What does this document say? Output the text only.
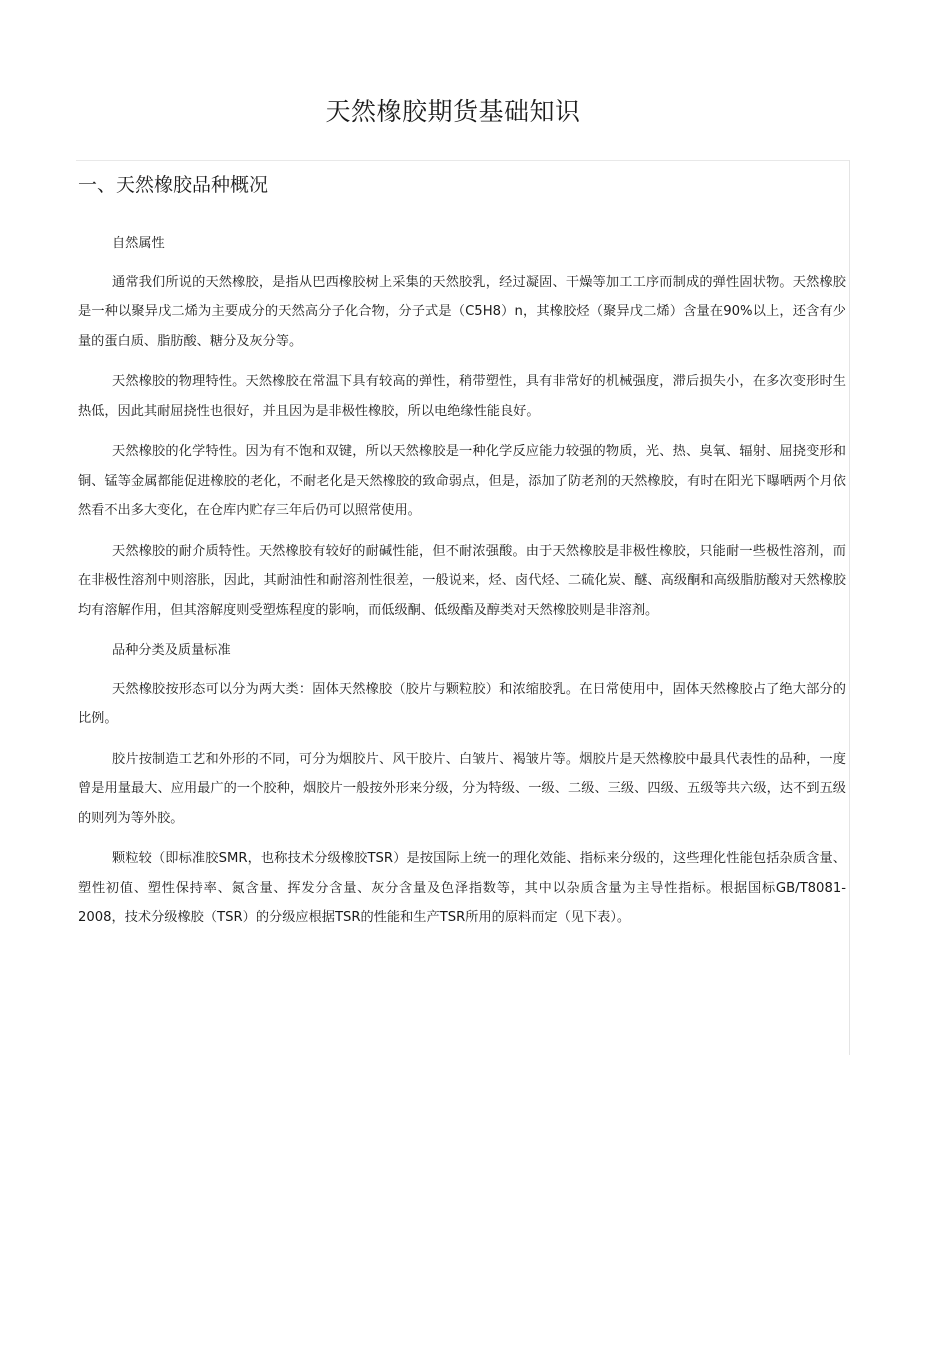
天然橡胶期货基础知识
一、天然橡胶品种概况

自然属性

通常我们所说的天然橡胶，是指从巴西橡胶树上采集的天然胶乳，经过凝固、干燥等加工工序而制成的弹性固状物。天然橡胶是一种以聚异戊二烯为主要成分的天然高分子化合物，分子式是（C5H8）n，其橡胶烃（聚异戊二烯）含量在90%以上，还含有少量的蛋白质、脂肪酸、糖分及灰分等。

天然橡胶的物理特性。天然橡胶在常温下具有较高的弹性，稍带塑性，具有非常好的机械强度，滞后损失小，在多次变形时生热低，因此其耐屈挠性也很好，并且因为是非极性橡胶，所以电绝缘性能良好。

天然橡胶的化学特性。因为有不饱和双键，所以天然橡胶是一种化学反应能力较强的物质，光、热、臭氧、辐射、屈挠变形和铜、锰等金属都能促进橡胶的老化，不耐老化是天然橡胶的致命弱点，但是，添加了防老剂的天然橡胶，有时在阳光下曝晒两个月依然看不出多大变化，在仓库内贮存三年后仍可以照常使用。

天然橡胶的耐介质特性。天然橡胶有较好的耐碱性能，但不耐浓强酸。由于天然橡胶是非极性橡胶，只能耐一些极性溶剂，而在非极性溶剂中则溶胀，因此，其耐油性和耐溶剂性很差，一般说来，烃、卤代烃、二硫化炭、醚、高级酮和高级脂肪酸对天然橡胶均有溶解作用，但其溶解度则受塑炼程度的影响，而低级酮、低级酯及醇类对天然橡胶则是非溶剂。

品种分类及质量标准

天然橡胶按形态可以分为两大类：固体天然橡胶（胶片与颗粒胶）和浓缩胶乳。在日常使用中，固体天然橡胶占了绝大部分的比例。

胶片按制造工艺和外形的不同，可分为烟胶片、风干胶片、白皱片、褐皱片等。烟胶片是天然橡胶中最具代表性的品种，一度曾是用量最大、应用最广的一个胶种，烟胶片一般按外形来分级，分为特级、一级、二级、三级、四级、五级等共六级，达不到五级的则列为等外胶。

颗粒较（即标准胶SMR，也称技术分级橡胶TSR）是按国际上统一的理化效能、指标来分级的，这些理化性能包括杂质含量、塑性初值、塑性保持率、氮含量、挥发分含量、灰分含量及色泽指数等，其中以杂质含量为主导性指标。根据国标GB/T8081-2008，技术分级橡胶（TSR）的分级应根据TSR的性能和生产TSR所用的原料而定（见下表）。
